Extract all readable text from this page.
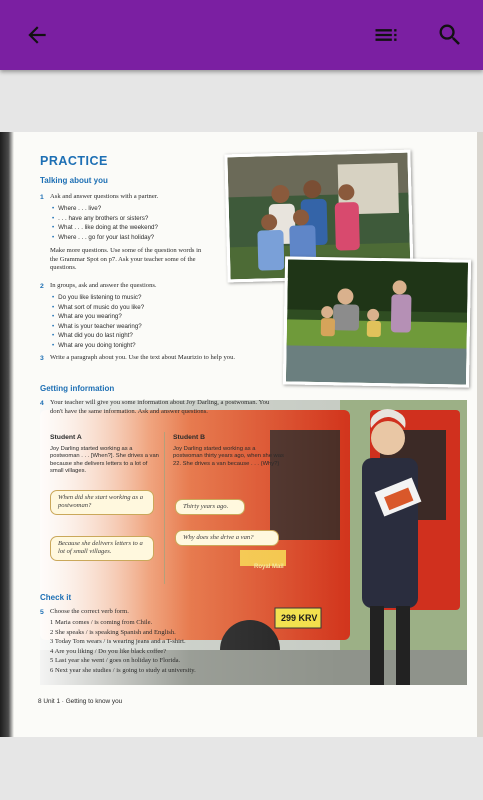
PRACTICE
Talking about you
1 Ask and answer questions with a partner.
• Where . . . live?
• . . . have any brothers or sisters?
• What . . . like doing at the weekend?
• Where . . . go for your last holiday?
Make more questions. Use some of the question words in the Grammar Spot on p7. Ask your teacher some of the questions.
2 In groups, ask and answer the questions.
• Do you like listening to music?
• What sort of music do you like?
• What are you wearing?
• What is your teacher wearing?
• What did you do last night?
• What are you doing tonight?
3 Write a paragraph about you. Use the text about Maurizio to help you.
Getting information
4 Your teacher will give you some information about Joy Darling, a postwoman. You don't have the same information. Ask and answer questions.
Student A
Joy Darling started working as a postwoman . . . [When?]. She drives a van because she delivers letters to a lot of small villages.
Student B
Joy Darling started working as a postwoman thirty years ago, when she was 22. She drives a van because . . . (Why?)
When did she start working as a postwoman?
Because she delivers letters to a lot of small villages.
Thirty years ago.
Why does she drive a van?
Royal Mail
299 KRV
Check it
5 Choose the correct verb form.
1 Maria comes / is coming from Chile.
2 She speaks / is speaking Spanish and English.
3 Today Tom wears / is wearing jeans and a T-shirt.
4 Are you liking / Do you like black coffee?
5 Last year she went / goes on holiday to Florida.
6 Next year she studies / is going to study at university.
8 Unit 1 · Getting to know you
